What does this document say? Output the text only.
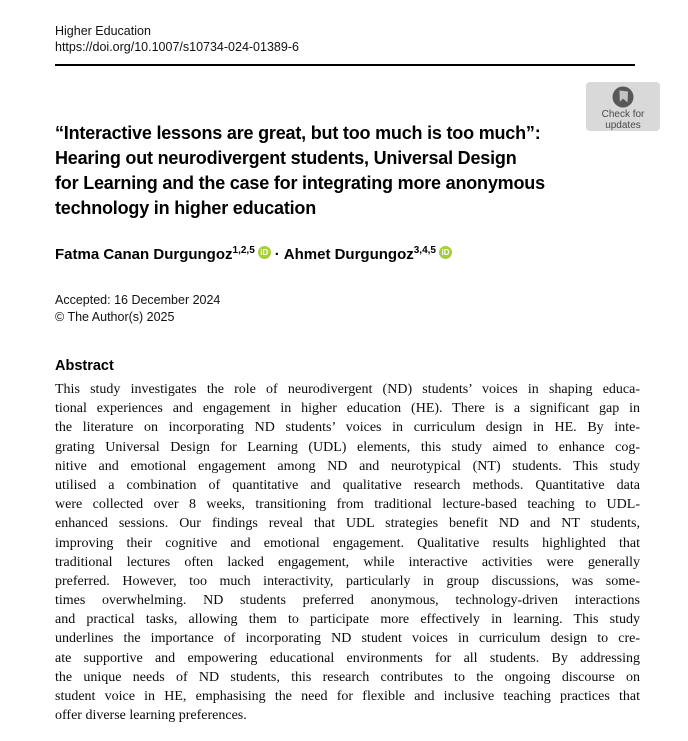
Higher Education
https://doi.org/10.1007/s10734-024-01389-6
Check for
updates
“Interactive lessons are great, but too much is too much”:
Hearing out neurodivergent students, Universal Design
for Learning and the case for integrating more anonymous
technology in higher education
Fatma Canan Durgungoz$^{1,2,5}$ iD · Ahmet Durgungoz$^{3,4,5}$ iD
Accepted: 16 December 2024
© The Author(s) 2025
Abstract
This study investigates the role of neurodivergent (ND) students’ voices in shaping educa-
tional experiences and engagement in higher education (HE). There is a significant gap in
the literature on incorporating ND students’ voices in curriculum design in HE. By inte-
grating Universal Design for Learning (UDL) elements, this study aimed to enhance cog-
nitive and emotional engagement among ND and neurotypical (NT) students. This study
utilised a combination of quantitative and qualitative research methods. Quantitative data
were collected over 8 weeks, transitioning from traditional lecture-based teaching to UDL-
enhanced sessions. Our findings reveal that UDL strategies benefit ND and NT students,
improving their cognitive and emotional engagement. Qualitative results highlighted that
traditional lectures often lacked engagement, while interactive activities were generally
preferred. However, too much interactivity, particularly in group discussions, was some-
times overwhelming. ND students preferred anonymous, technology-driven interactions
and practical tasks, allowing them to participate more effectively in learning. This study
underlines the importance of incorporating ND student voices in curriculum design to cre-
ate supportive and empowering educational environments for all students. By addressing
the unique needs of ND students, this research contributes to the ongoing discourse on
student voice in HE, emphasising the need for flexible and inclusive teaching practices that
offer diverse learning preferences.
